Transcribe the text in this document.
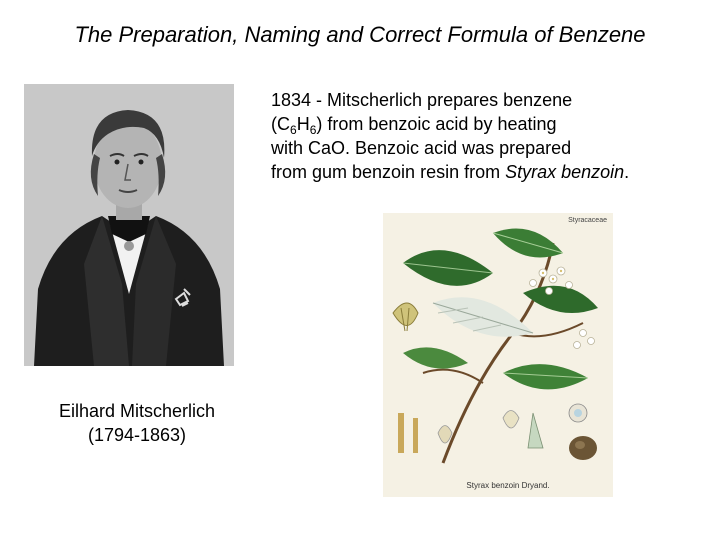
The Preparation, Naming and Correct Formula of Benzene
Eilhard Mitscherlich
(1794-1863)
1834 - Mitscherlich prepares benzene
$(C_6H_6)$ from benzoic acid by heating
with CaO. Benzoic acid was prepared
from gum benzoin resin from Styrax benzoin.
Styracaceae
Styrax benzoin Dryand.
